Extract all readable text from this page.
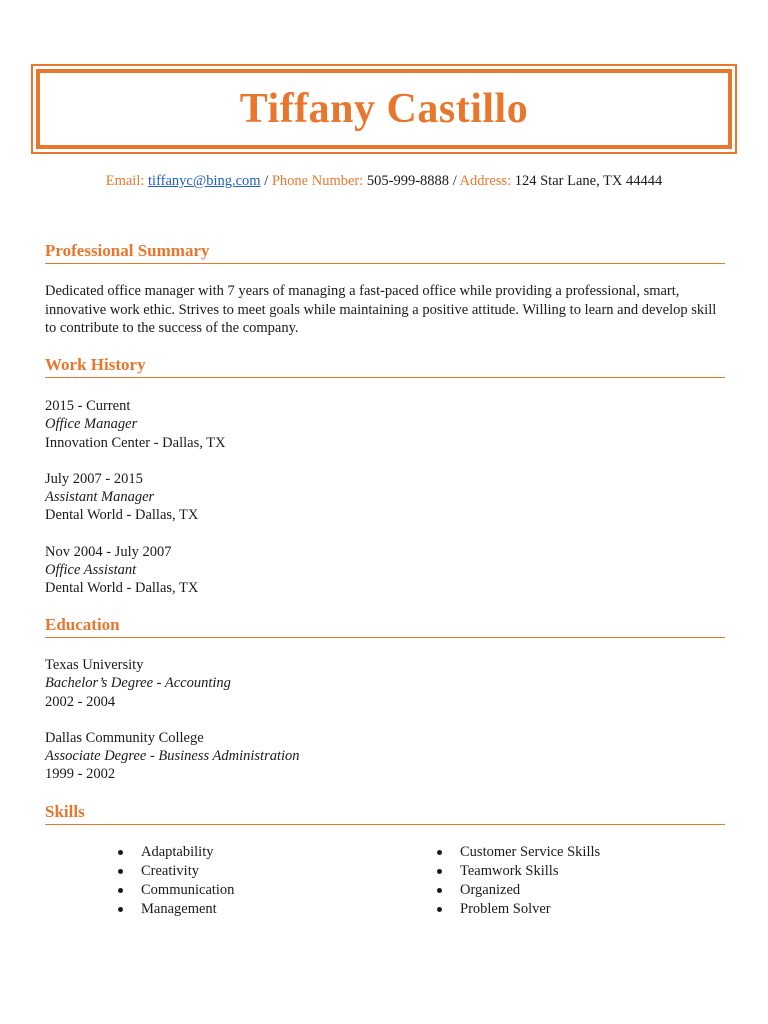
Tiffany Castillo
Email: tiffanyc@bing.com / Phone Number: 505-999-8888 / Address: 124 Star Lane, TX 44444
Professional Summary

Dedicated office manager with 7 years of managing a fast-paced office while providing a professional, smart, innovative work ethic. Strives to meet goals while maintaining a positive attitude. Willing to learn and develop skill to contribute to the success of the company.

Work History
2015 - Current
Office Manager
Innovation Center - Dallas, TX
July 2007 - 2015
Assistant Manager
Dental World - Dallas, TX
Nov 2004 - July 2007
Office Assistant
Dental World - Dallas, TX
Education
Texas University
Bachelor’s Degree - Accounting
2002 - 2004
Dallas Community College
Associate Degree - Business Administration
1999 - 2002
Skills
Adaptability
Creativity
Communication
Management
Customer Service Skills
Teamwork Skills
Organized
Problem Solver
